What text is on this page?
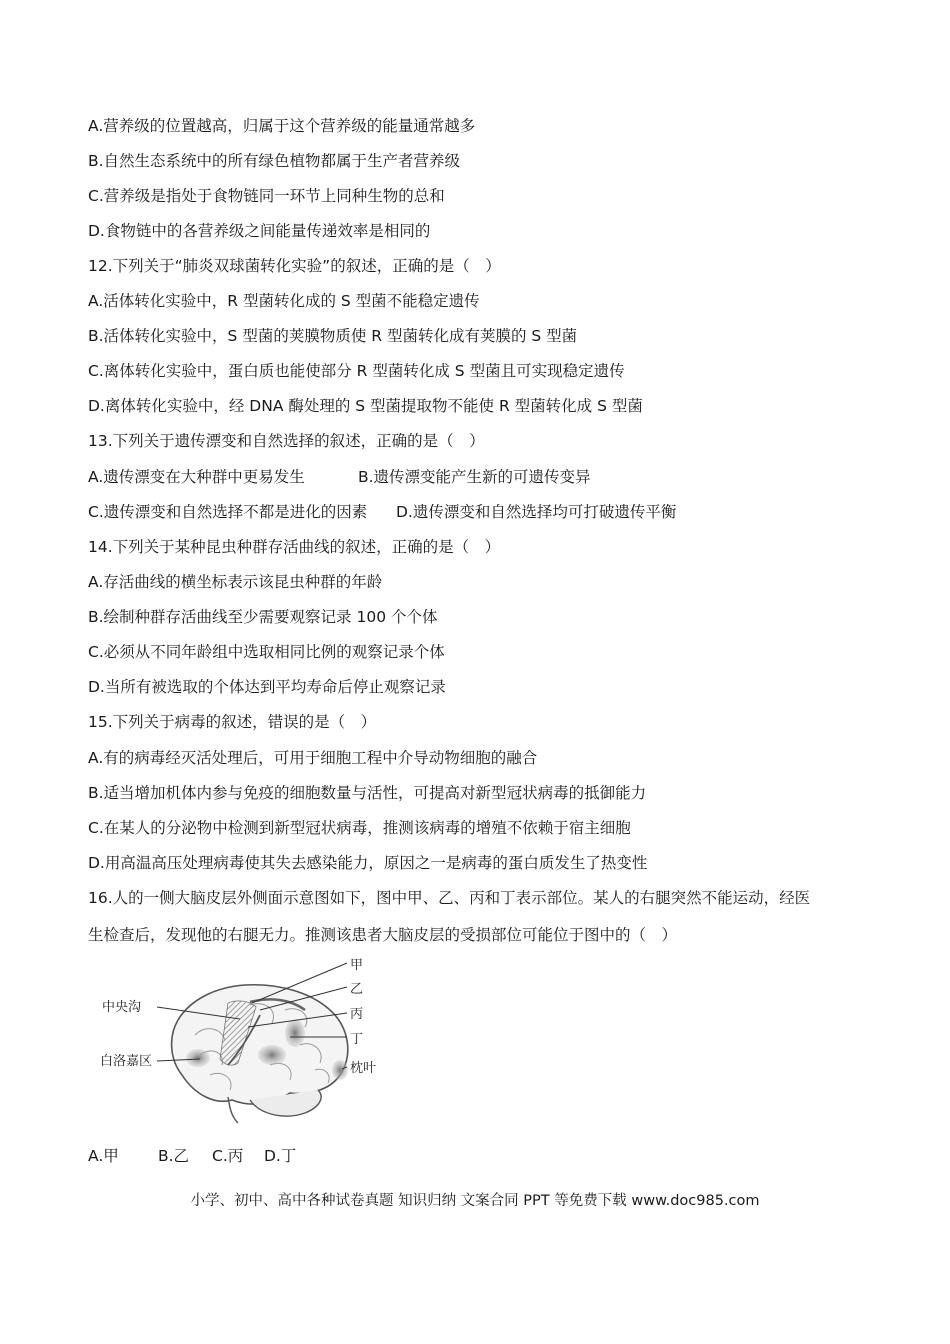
A.营养级的位置越高，归属于这个营养级的能量通常越多
B.自然生态系统中的所有绿色植物都属于生产者营养级
C.营养级是指处于食物链同一环节上同种生物的总和
D.食物链中的各营养级之间能量传递效率是相同的
12.下列关于“肺炎双球菌转化实验”的叙述，正确的是（　）
A.活体转化实验中，R 型菌转化成的 S 型菌不能稳定遗传
B.活体转化实验中，S 型菌的荚膜物质使 R 型菌转化成有荚膜的 S 型菌
C.离体转化实验中，蛋白质也能使部分 R 型菌转化成 S 型菌且可实现稳定遗传
D.离体转化实验中，经 DNA 酶处理的 S 型菌提取物不能使 R 型菌转化成 S 型菌
13.下列关于遗传漂变和自然选择的叙述，正确的是（　）
A.遗传漂变在大种群中更易发生	B.遗传漂变能产生新的可遗传变异
C.遗传漂变和自然选择不都是进化的因素 D.遗传漂变和自然选择均可打破遗传平衡
14.下列关于某种昆虫种群存活曲线的叙述，正确的是（　）
A.存活曲线的横坐标表示该昆虫种群的年龄
B.绘制种群存活曲线至少需要观察记录 100 个个体
C.必须从不同年龄组中选取相同比例的观察记录个体
D.当所有被选取的个体达到平均寿命后停止观察记录
15.下列关于病毒的叙述，错误的是（　）
A.有的病毒经灭活处理后，可用于细胞工程中介导动物细胞的融合
B.适当增加机体内参与免疫的细胞数量与活性，可提高对新型冠状病毒的抵御能力
C.在某人的分泌物中检测到新型冠状病毒，推测该病毒的增殖不依赖于宿主细胞
D.用高温高压处理病毒使其失去感染能力，原因之一是病毒的蛋白质发生了热变性
16.人的一侧大脑皮层外侧面示意图如下，图中甲、乙、丙和丁表示部位。某人的右腿突然不能运动，经医
生检查后，发现他的右腿无力。推测该患者大脑皮层的受损部位可能位于图中的（　）
中央沟
白洛嘉区
甲
乙
丙
丁
枕叶
A.甲	B.乙 C.丙 D.丁
小学、初中、高中各种试卷真题 知识归纳 文案合同 PPT 等免费下载 www.doc985.com
